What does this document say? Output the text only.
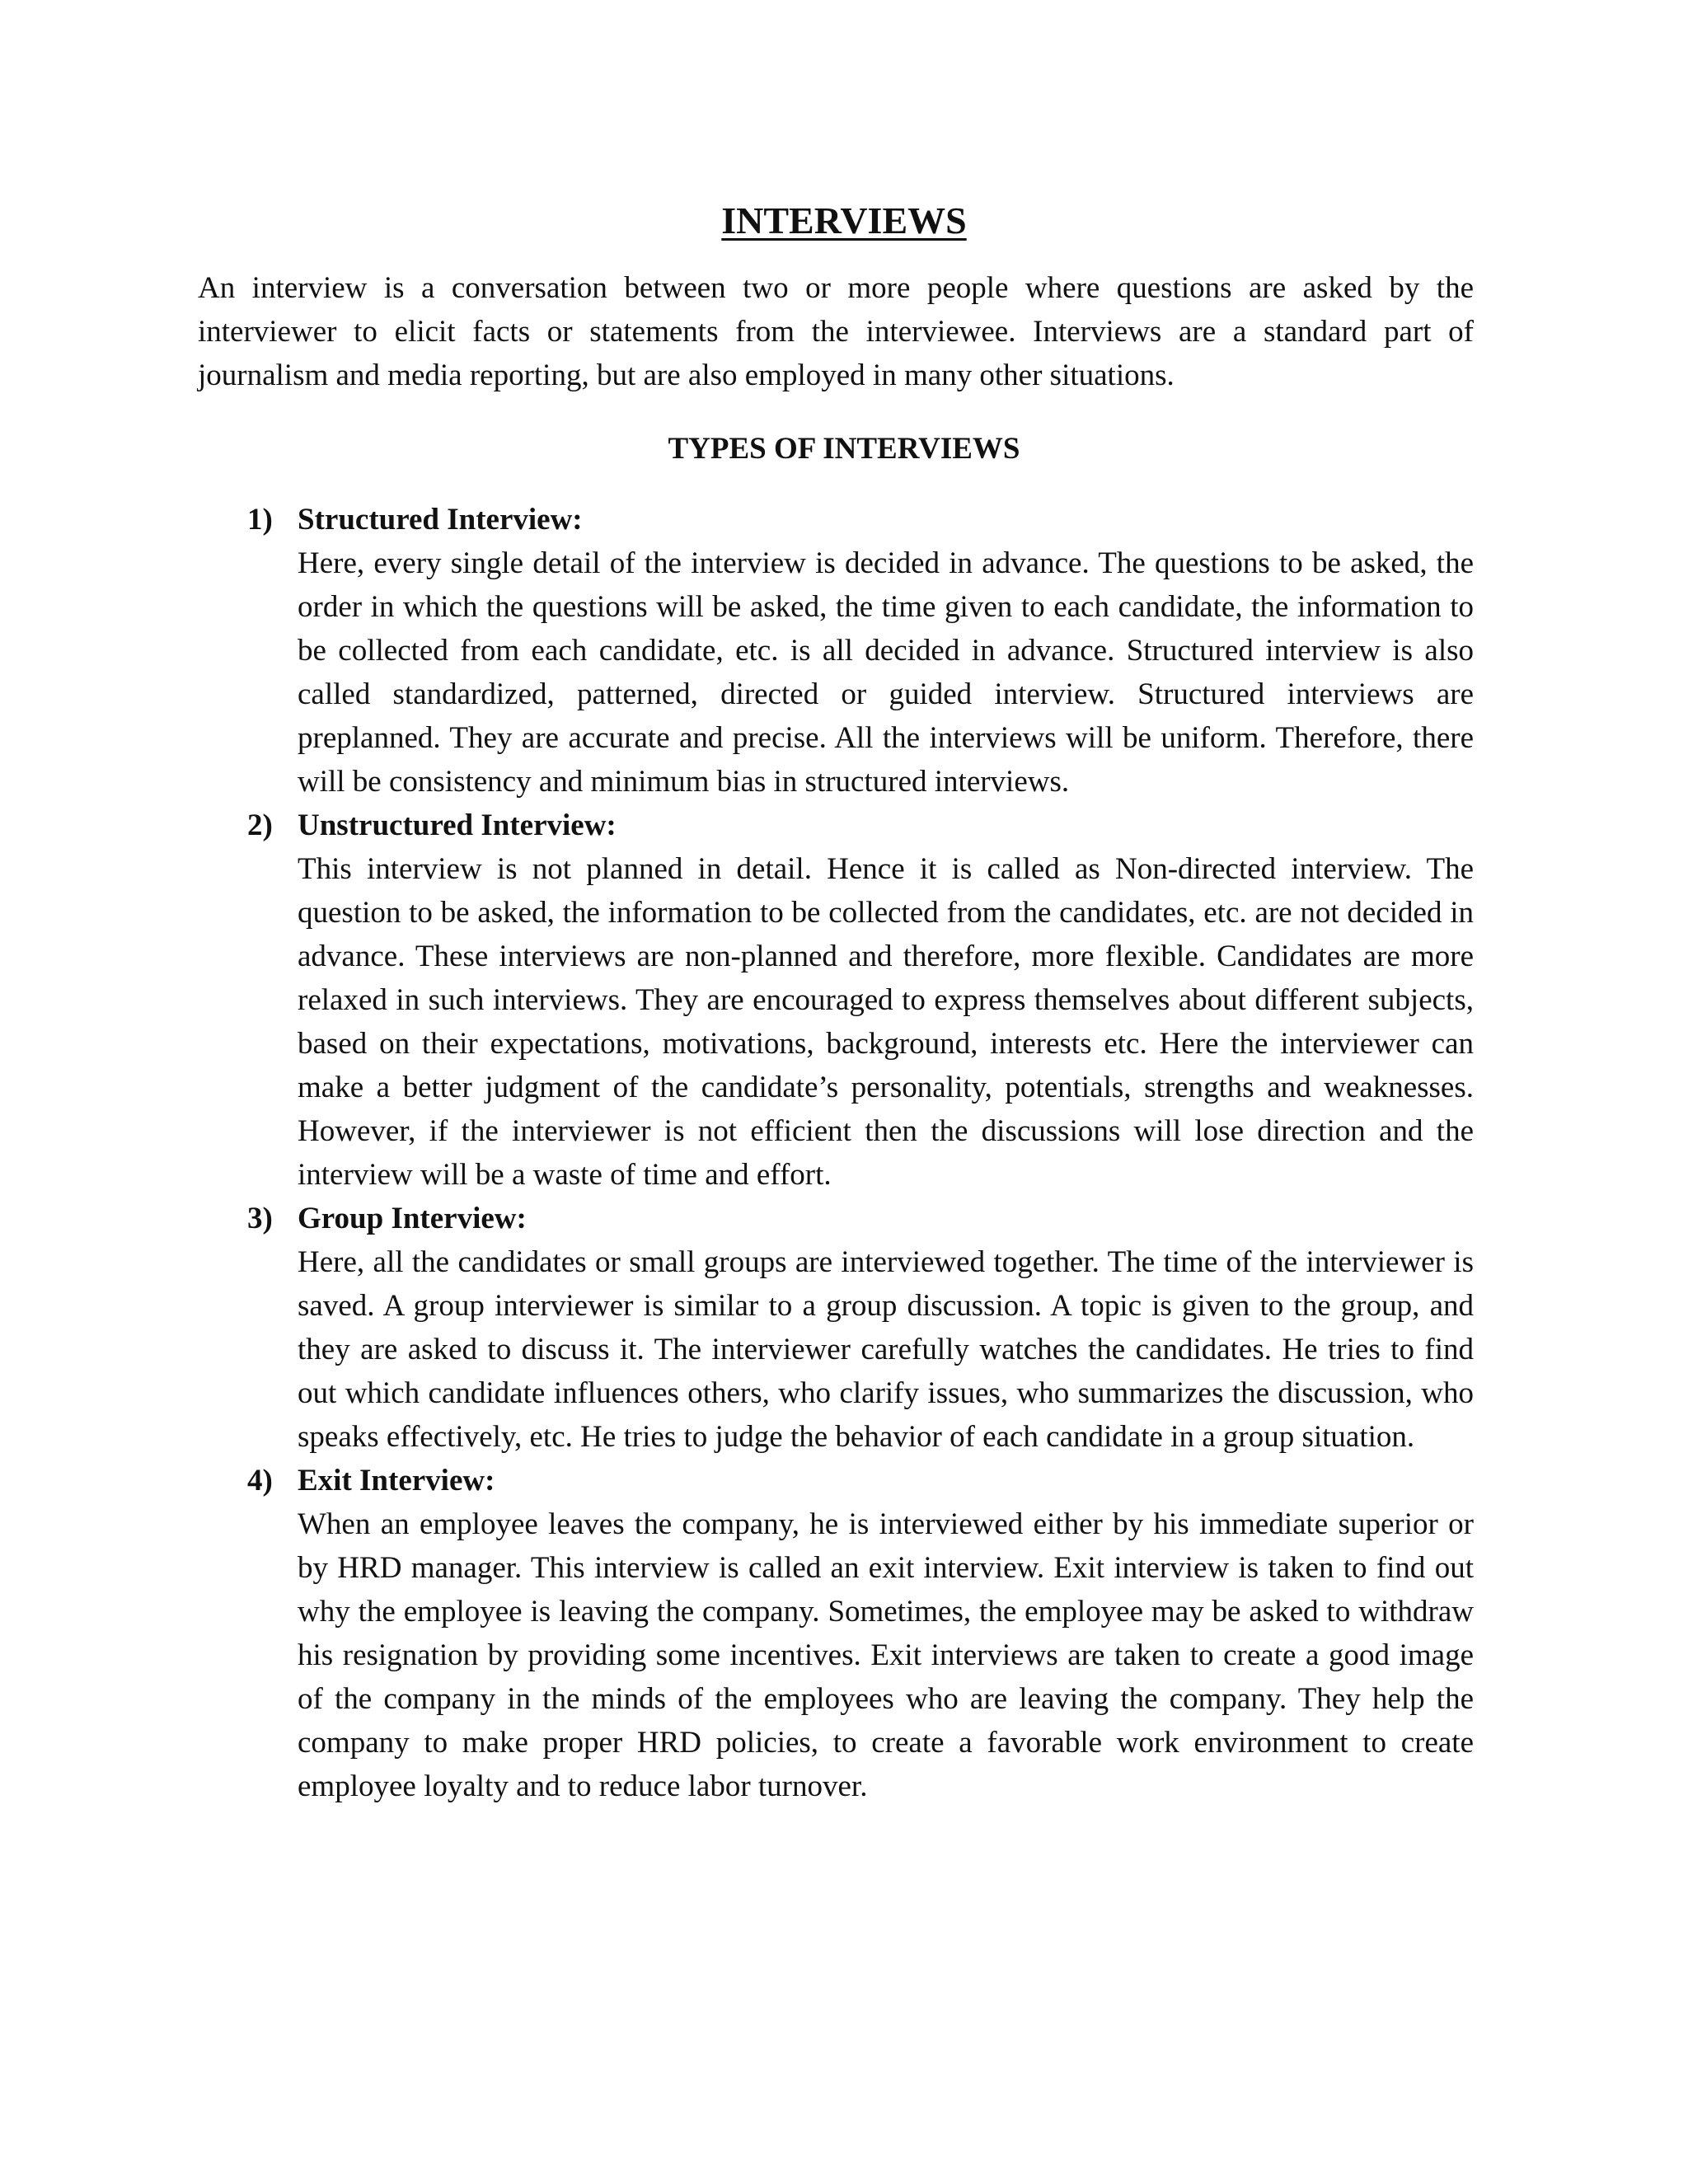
INTERVIEWS

An interview is a conversation between two or more people where questions are asked by the interviewer to elicit facts or statements from the interviewee. Interviews are a standard part of journalism and media reporting, but are also employed in many other situations.

TYPES OF INTERVIEWS
1) Structured Interview:

Here, every single detail of the interview is decided in advance. The questions to be asked, the order in which the questions will be asked, the time given to each candidate, the information to be collected from each candidate, etc. is all decided in advance. Structured interview is also called standardized, patterned, directed or guided interview. Structured interviews are preplanned. They are accurate and precise. All the interviews will be uniform. Therefore, there will be consistency and minimum bias in structured interviews.

2) Unstructured Interview:

This interview is not planned in detail. Hence it is called as Non-directed interview. The question to be asked, the information to be collected from the candidates, etc. are not decided in advance. These interviews are non-planned and therefore, more flexible. Candidates are more relaxed in such interviews. They are encouraged to express themselves about different subjects, based on their expectations, motivations, background, interests etc. Here the interviewer can make a better judgment of the candidate’s personality, potentials, strengths and weaknesses. However, if the interviewer is not efficient then the discussions will lose direction and the interview will be a waste of time and effort.

3) Group Interview:

Here, all the candidates or small groups are interviewed together. The time of the interviewer is saved. A group interviewer is similar to a group discussion. A topic is given to the group, and they are asked to discuss it. The interviewer carefully watches the candidates. He tries to find out which candidate influences others, who clarify issues, who summarizes the discussion, who speaks effectively, etc. He tries to judge the behavior of each candidate in a group situation.

4) Exit Interview:

When an employee leaves the company, he is interviewed either by his immediate superior or by HRD manager. This interview is called an exit interview. Exit interview is taken to find out why the employee is leaving the company. Sometimes, the employee may be asked to withdraw his resignation by providing some incentives. Exit interviews are taken to create a good image of the company in the minds of the employees who are leaving the company. They help the company to make proper HRD policies, to create a favorable work environment to create employee loyalty and to reduce labor turnover.
